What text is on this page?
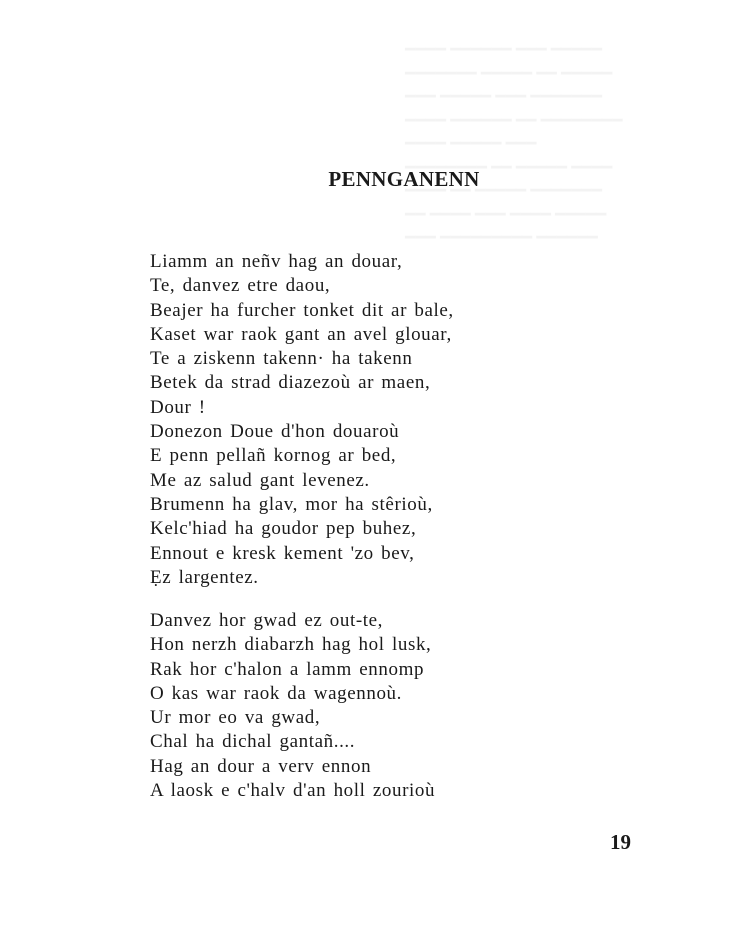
PENNGANENN
Liamm an neñv hag an douar,
Te, danvez etre daou,
Beajer ha furcher tonket dit ar bale,
Kaset war raok gant an avel glouar,
Te a ziskenn takenn· ha takenn
Betek da strad diazezoù ar maen,
Dour !
Donezon Doue d'hon douaroù
E penn pellañ kornog ar bed,
Me az salud gant levenez.
Brumenn ha glav, mor ha stêrioù,
Kelc'hiad ha goudor pep buhez,
Ennout e kresk kement 'zo bev,
Ẹz largentez.
Danvez hor gwad ez out-te,
Hon nerzh diabarzh hag hol lusk,
Rak hor c'halon a lamm ennomp
O kas war raok da wagennoù.
Ur mor eo va gwad,
Chal ha dichal gantañ....
Hag an dour a verv ennon
A laosk e c'halv d'an holl zourioù
19
